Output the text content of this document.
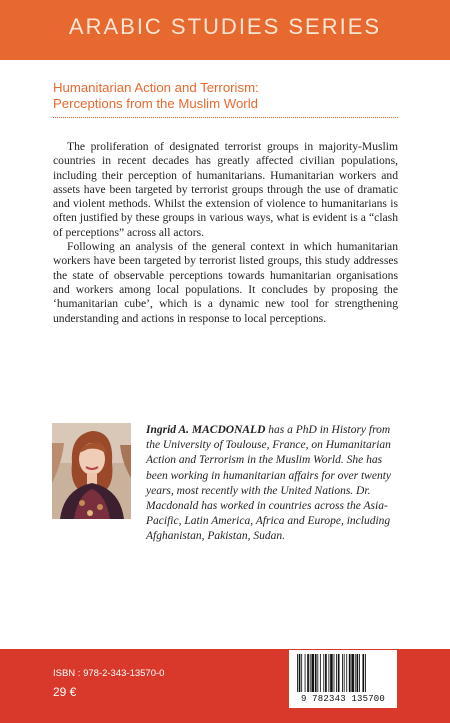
ARABIC STUDIES SERIES
Humanitarian Action and Terrorism:
Perceptions from the Muslim World

The proliferation of designated terrorist groups in majority-Muslim countries in recent decades has greatly affected civilian populations, including their perception of humanitarians. Humanitarian workers and assets have been targeted by terrorist groups through the use of dramatic and violent methods. Whilst the extension of violence to humanitarians is often justified by these groups in various ways, what is evident is a “clash of perceptions” across all actors.

Following an analysis of the general context in which humanitarian workers have been targeted by terrorist listed groups, this study addresses the state of observable perceptions towards humanitarian organisations and workers among local populations. It concludes by proposing the ‘humanitarian cube’, which is a dynamic new tool for strengthening understanding and actions in response to local perceptions.

Ingrid A. MACDONALD has a PhD in History from the University of Toulouse, France, on Humanitarian Action and Terrorism in the Muslim World. She has been working in humanitarian affairs for over twenty years, most recently with the United Nations. Dr. Macdonald has worked in countries across the Asia-Pacific, Latin America, Africa and Europe, including Afghanistan, Pakistan, Sudan.
ISBN : 978-2-343-13570-0
29 €	9 782343 135700
